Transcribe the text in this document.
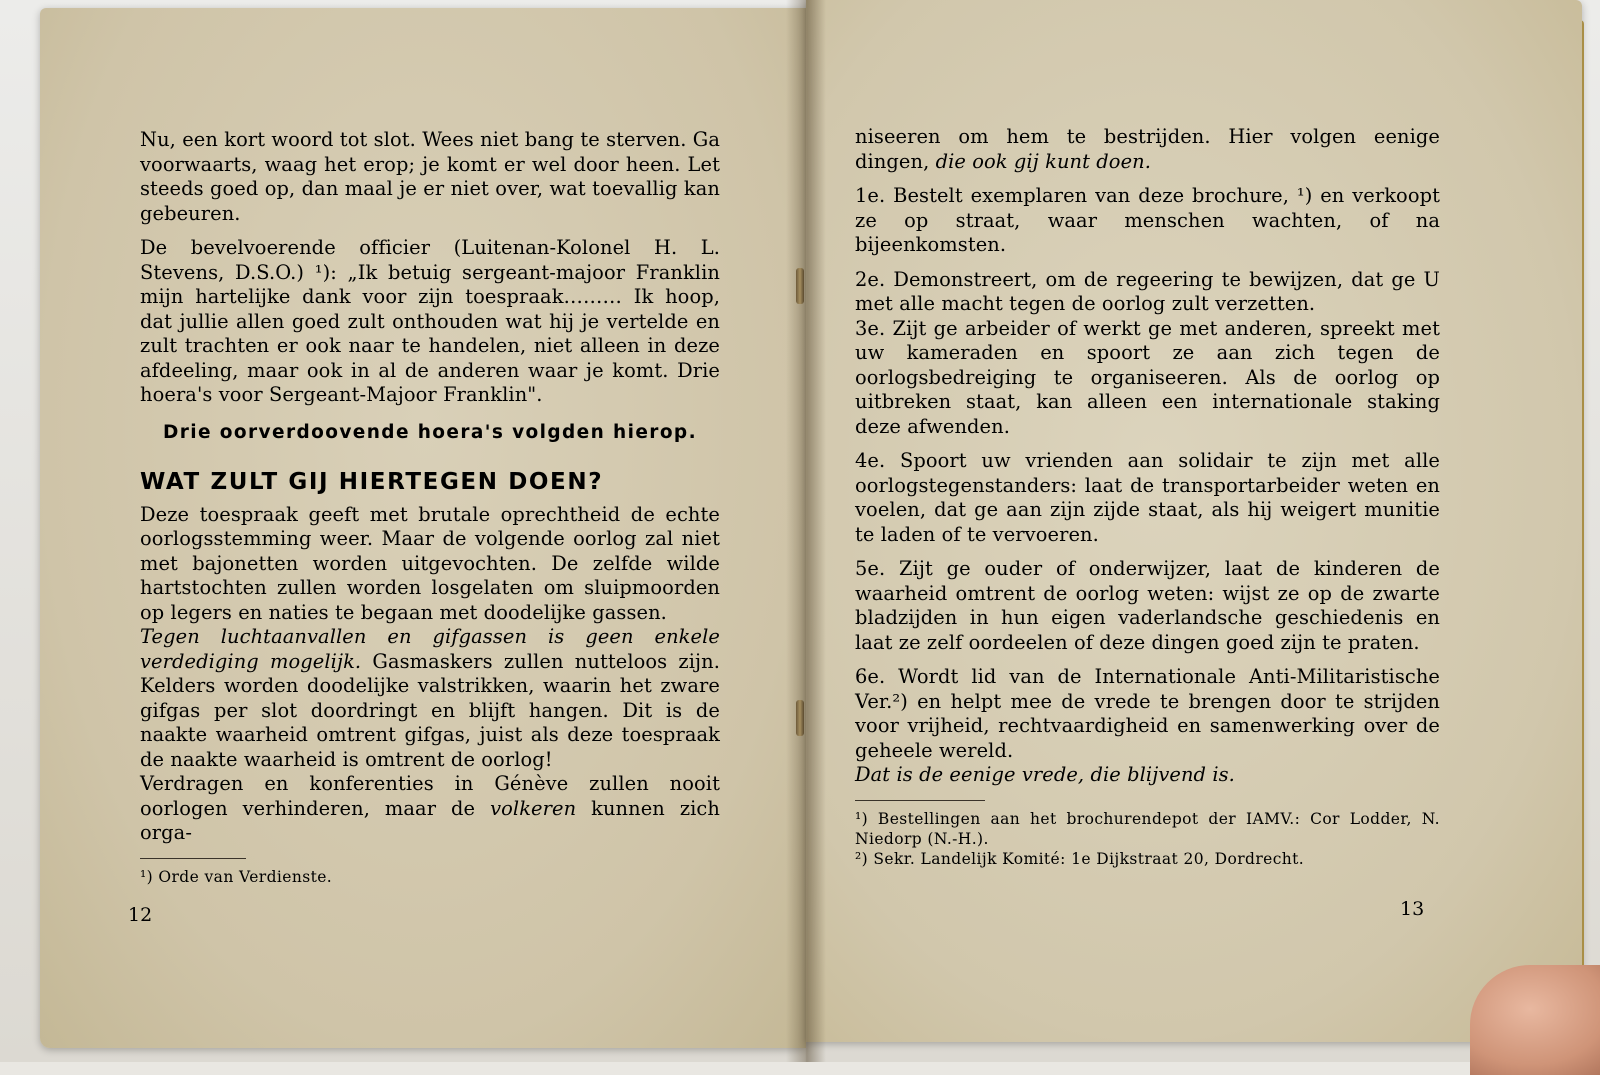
Nu, een kort woord tot slot. Wees niet bang te sterven. Ga voorwaarts, waag het erop; je komt er wel door heen. Let steeds goed op, dan maal je er niet over, wat toevallig kan gebeuren.

De bevelvoerende officier (Luitenan-Kolonel H. L. Stevens, D.S.O.) ¹): „Ik betuig sergeant-majoor Franklin mijn hartelijke dank voor zijn toespraak……… Ik hoop, dat jullie allen goed zult onthouden wat hij je vertelde en zult trachten er ook naar te handelen, niet alleen in deze afdeeling, maar ook in al de anderen waar je komt. Drie hoera's voor Sergeant-Majoor Franklin".

Drie oorverdoovende hoera's volgden hierop.
WAT ZULT GIJ HIERTEGEN DOEN?

Deze toespraak geeft met brutale oprechtheid de echte oorlogsstemming weer. Maar de volgende oorlog zal niet met bajonetten worden uitgevochten. De zelfde wilde hartstochten zullen worden losgelaten om sluipmoorden op legers en naties te begaan met doodelijke gassen.

Tegen luchtaanvallen en gifgassen is geen enkele verdediging mogelijk. Gasmaskers zullen nutteloos zijn. Kelders worden doodelijke valstrikken, waarin het zware gifgas per slot doordringt en blijft hangen. Dit is de naakte waarheid omtrent gifgas, juist als deze toespraak de naakte waarheid is omtrent de oorlog!

Verdragen en konferenties in Génève zullen nooit oorlogen verhinderen, maar de volkeren kunnen zich orga-

¹) Orde van Verdienste.

12

niseeren om hem te bestrijden. Hier volgen eenige dingen, die ook gij kunt doen.

1e. Bestelt exemplaren van deze brochure, ¹) en verkoopt ze op straat, waar menschen wachten, of na bijeenkomsten.

2e. Demonstreert, om de regeering te bewijzen, dat ge U met alle macht tegen de oorlog zult verzetten.

3e. Zijt ge arbeider of werkt ge met anderen, spreekt met uw kameraden en spoort ze aan zich tegen de oorlogsbedreiging te organiseeren. Als de oorlog op uitbreken staat, kan alleen een internationale staking deze afwenden.

4e. Spoort uw vrienden aan solidair te zijn met alle oorlogstegenstanders: laat de transportarbeider weten en voelen, dat ge aan zijn zijde staat, als hij weigert munitie te laden of te vervoeren.

5e. Zijt ge ouder of onderwijzer, laat de kinderen de waarheid omtrent de oorlog weten: wijst ze op de zwarte bladzijden in hun eigen vaderlandsche geschiedenis en laat ze zelf oordeelen of deze dingen goed zijn te praten.

6e. Wordt lid van de Internationale Anti-Militaristische Ver.²) en helpt mee de vrede te brengen door te strijden voor vrijheid, rechtvaardigheid en samenwerking over de geheele wereld.

Dat is de eenige vrede, die blijvend is.

¹) Bestellingen aan het brochurendepot der IAMV.: Cor Lodder, N. Niedorp (N.-H.).

²) Sekr. Landelijk Komité: 1e Dijkstraat 20, Dordrecht.

13
